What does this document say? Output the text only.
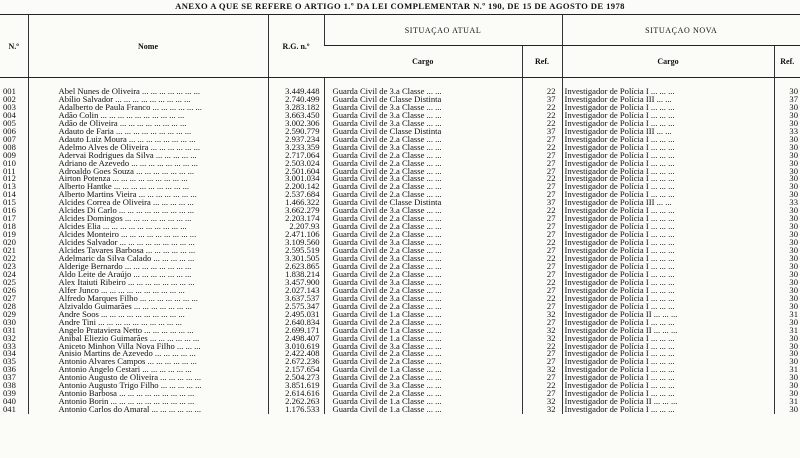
ANEXO A QUE SE REFERE O ARTIGO 1.º DA LEI COMPLEMENTAR N.º 190, DE 15 DE AGOSTO DE 1978
N.º	Nome	R.G. n.º	SITUAÇAO ATUAL		SITUAÇAO NOVA	
			Cargo	Ref.	Cargo	Ref.
001	Abel Nunes de Oliveira ... ... ... ... ... ... ...	3.449.448	Guarda Civil de 3.a Classe ... ...	22	Investigador de Polícia I ... ... ...	30
002	Abílio Salvador ... ... ... ... ... ... ... ... ...	2.740.499	Guarda Civil de Classe Distinta	37	Investigador de Polícia III ... ...	37
003	Adalberto de Paula Franco ... ... ... ... ... ...	3.283.182	Guarda Civil de 3.a Classe ... ...	22	Investigador de Polícia I ... ... ...	30
004	Adão Colin ... ... ... ... ... ... ... ... ... ...	3.663.450	Guarda Civil de 3.a Classe ... ...	22	Investigador de Polícia I ... ... ...	30
005	Adão de Oliveira ... ... ... ... ... ... ... ...	3.002.306	Guarda Civil de 3.a Classe ... ...	22	Investigador de Polícia I ... ... ...	30
006	Adauto de Faria ... ... ... ... ... ... ... ... ...	2.590.779	Guarda Civil de Classe Distinta	37	Investigador de Polícia III ... ...	33
007	Adauto Luiz Moura ... ... ... ... ... ... ... ...	2.937.234	Guarda Civil de 2.a Classe ... ...	27	Investigador de Polícia I ... ... ...	30
008	Adelmo Alves de Oliveira ... ... ... ... ... ...	3.233.359	Guarda Civil de 3.a Classe ... ...	22	Investigador de Polícia I ... ... ...	30
009	Adervai Rodrigues da Silva ... ... ... ... ...	2.717.064	Guarda Civil de 2.a Classe ... ...	27	Investigador de Polícia I ... ... ...	30
010	Adriano de Azevedo ... ... ... ... ... ... ... ...	2.503.024	Guarda Civil de 2.a Classe ... ...	27	Investigador de Polícia I ... ... ...	30
011	Adroaldo Goes Souza ... ... ... ... ... ... ...	2.501.604	Guarda Civil de 2.a Classe ... ...	27	Investigador de Polícia I ... ... ...	30
012	Airton Potenza ... ... ... ... ... ... ... ... ...	3.001.034	Guarda Civil de 3.a Classe ... ...	22	Investigador de Polícia I ... ... ...	30
013	Alberto Hantke ... ... ... ... ... ... ... ... ...	2.200.142	Guarda Civil de 2.a Classe ... ...	27	Investigador de Polícia I ... ... ...	30
014	Alberto Martins Vieira ... ... ... ... ... ... ...	2.537.684	Guarda Civil de 2.a Classe ... ...	27	Investigador de Polícia I ... ... ...	30
015	Alcides Correa de Oliveira ... ... ... ... ...	1.466.322	Guarda Civil de Classe Distinta	37	Investigador de Polícia III ... ...	33
016	Alcides Di Carlo ... ... ... ... ... ... ... ... ...	3.662.279	Guarda Civil de 3.a Classe ... ...	22	Investigador de Polícia I ... ... ...	30
017	Alcides Domingos ... ... ... ... ... ... ... ...	2.203.174	Guarda Civil de 2.a Classe ... ...	27	Investigador de Polícia I ... ... ...	30
018	Alcides Elia ... ... ... ... ... ... ... ... ... ...	2.207.93	Guarda Civil de 2.a Classe ... ...	27	Investigador de Polícia I ... ... ...	30
019	Alcides Monteiro ... ... ... ... ... ... ... ... ...	2.471.106	Guarda Civil de 2.a Classe ... ...	27	Investigador de Polícia I ... ... ...	30
020	Alcides Salvador ... ... ... ... ... ... ... ... ...	3.109.560	Guarda Civil de 3.a Classe ... ...	22	Investigador de Polícia I ... ... ...	30
021	Alcides Tavares Barbosa ... ... ... ... ... ...	2.595.519	Guarda Civil de 2.a Classe ... ...	27	Investigador de Polícia I ... ... ...	30
022	Adelmaric da Silva Calado ... ... ... ... ...	3.301.505	Guarda Civil de 3.a Classe ... ...	22	Investigador de Polícia I ... ... ...	30
023	Alderige Bernardo ... ... ... ... ... ... ... ...	2.623.865	Guarda Civil de 2.a Classe ... ...	27	Investigador de Polícia I ... ... ...	30
024	Aldo Leite de Araújo ... ... ... ... ... ... ...	1.838.214	Guarda Civil de 2.a Classe ... ...	27	Investigador de Polícia I ... ... ...	30
025	Alex Itaiuti Ribeiro ... ... ... ... ... ... ... ...	3.457.900	Guarda Civil de 3.a Classe ... ...	22	Investigador de Polícia I ... ... ...	30
026	Alfer Junco ... ... ... ... ... ... ... ... ... ...	2.027.143	Guarda Civil de 2.a Classe ... ...	27	Investigador de Polícia I ... ... ...	30
027	Alfredo Marques Filho ... ... ... ... ... ... ...	3.637.537	Guarda Civil de 3.a Classe ... ...	22	Investigador de Polícia I ... ... ...	30
028	Alzivaldo Guimarães ... ... ... ... ... ... ...	2.575.347	Guarda Civil de 2.a Classe ... ...	27	Investigador de Polícia I ... ... ...	30
029	Andre Soos ... ... ... ... ... ... ... ... ... ...	2.495.031	Guarda Civil de 1.a Classe ... ...	32	Investigador de Polícia II ... ... ...	31
030	Andre Tini ... ... ... ... ... ... ... ... ... ...	2.640.834	Guarda Civil de 2.a Classe ... ...	27	Investigador de Polícia I ... ... ...	30
031	Angelo Prataviera Netto ... ... ... ... ... ...	2.699.171	Guarda Civil de 1.a Classe ... ...	32	Investigador de Polícia II ... ... ...	31
032	Anibal Eliezio Guimarães ... ... ... ... ... ...	2.498.407	Guarda Civil de 1.a Classe ... ...	32	Investigador de Polícia I ... ... ...	30
033	Aniceto Minhon Villa Nova Filho ... ... ...	3.010.619	Guarda Civil de 3.a Classe ... ...	22	Investigador de Polícia I ... ... ...	30
034	Anisio Martins de Azevedo ... ... ... ... ...	2.422.408	Guarda Civil de 2.a Classe ... ...	27	Investigador de Polícia I ... ... ...	30
035	Antonio Alvares Campos ... ... ... ... ... ...	2.672.236	Guarda Civil de 2.a Classe ... ...	27	Investigador de Polícia I ... ... ...	30
036	Antonio Angelo Cestari ... ... ... ... ... ...	2.157.654	Guarda Civil de 1.a Classe ... ...	32	Investigador de Polícia I ... ... ...	31
037	Antonio Augusto de Oliveira ... ... ... ... ...	2.504.273	Guarda Civil de 2.a Classe ... ...	27	Investigador de Polícia I ... ... ...	30
038	Antonio Augusto Trigo Filho ... ... ... ... ...	3.851.619	Guarda Civil de 3.a Classe ... ...	22	Investigador de Polícia I ... ... ...	30
039	Antonio Barbosa ... ... ... ... ... ... ... ... ...	2.614.616	Guarda Civil de 2.a Classe ... ...	27	Investigador de Polícia I ... ... ...	30
040	Antonio Borin ... ... ... ... ... ... ... ... ... ...	2.262.263	Guarda Civil de 1.a Classe ... ...	32	Investigador de Polícia II ... ... ...	31
041	Antonio Carlos do Amaral ... ... ... ... ... ...	1.176.533	Guarda Civil de 1.a Classe ... ...	32	Investigador de Polícia I ... ... ...	30
